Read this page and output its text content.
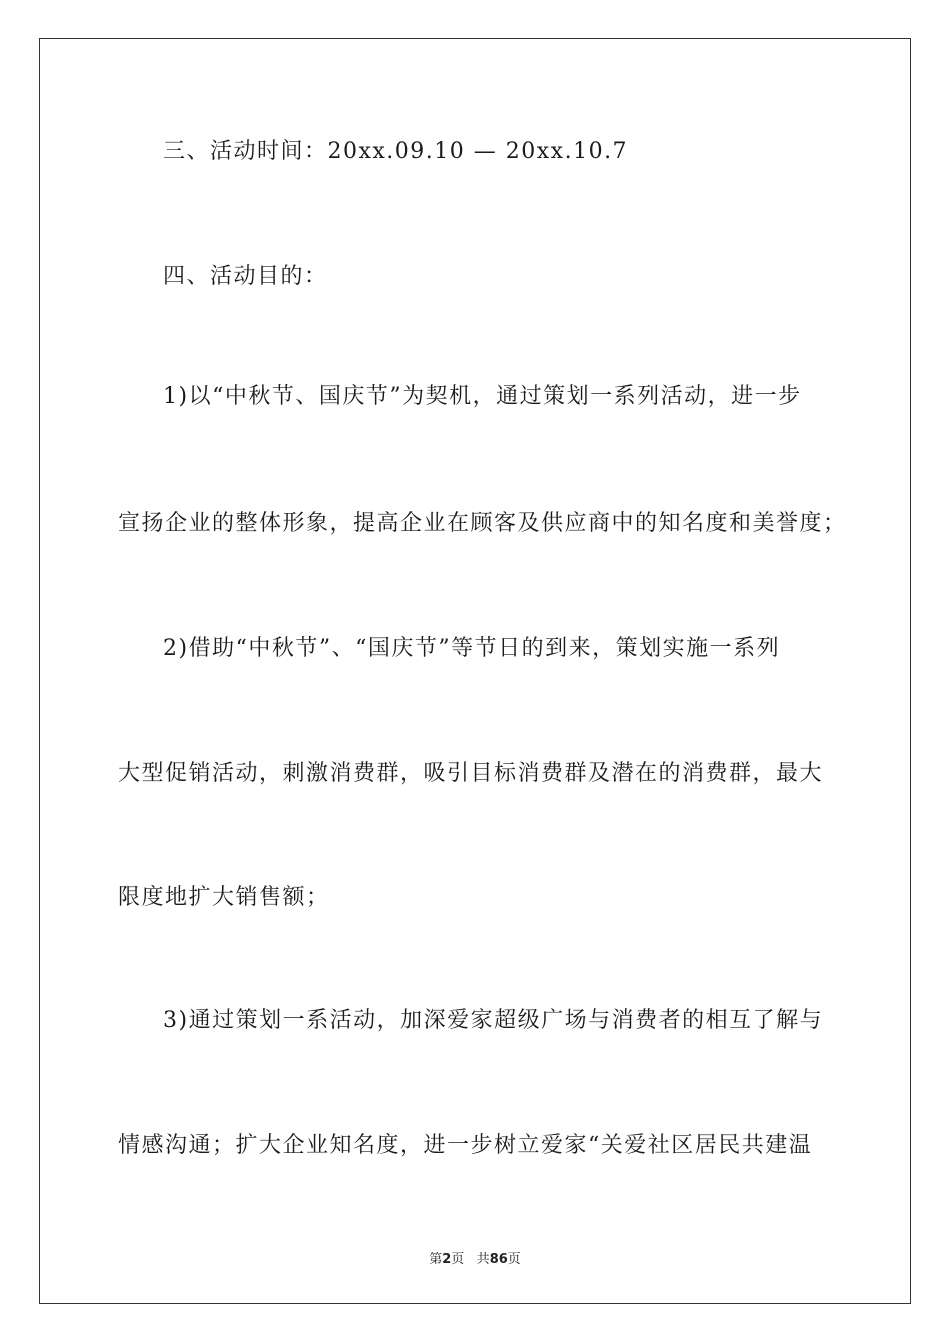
三、活动时间：20xx.09.10 — 20xx.10.7
四、活动目的：
1)以“中秋节、国庆节”为契机，通过策划一系列活动，进一步
宣扬企业的整体形象，提高企业在顾客及供应商中的知名度和美誉度；
2)借助“中秋节”、“国庆节”等节日的到来，策划实施一系列
大型促销活动，刺激消费群，吸引目标消费群及潜在的消费群，最大
限度地扩大销售额；
3)通过策划一系活动，加深爱家超级广场与消费者的相互了解与
情感沟通；扩大企业知名度，进一步树立爱家“关爱社区居民共建温
第2页 共86页
